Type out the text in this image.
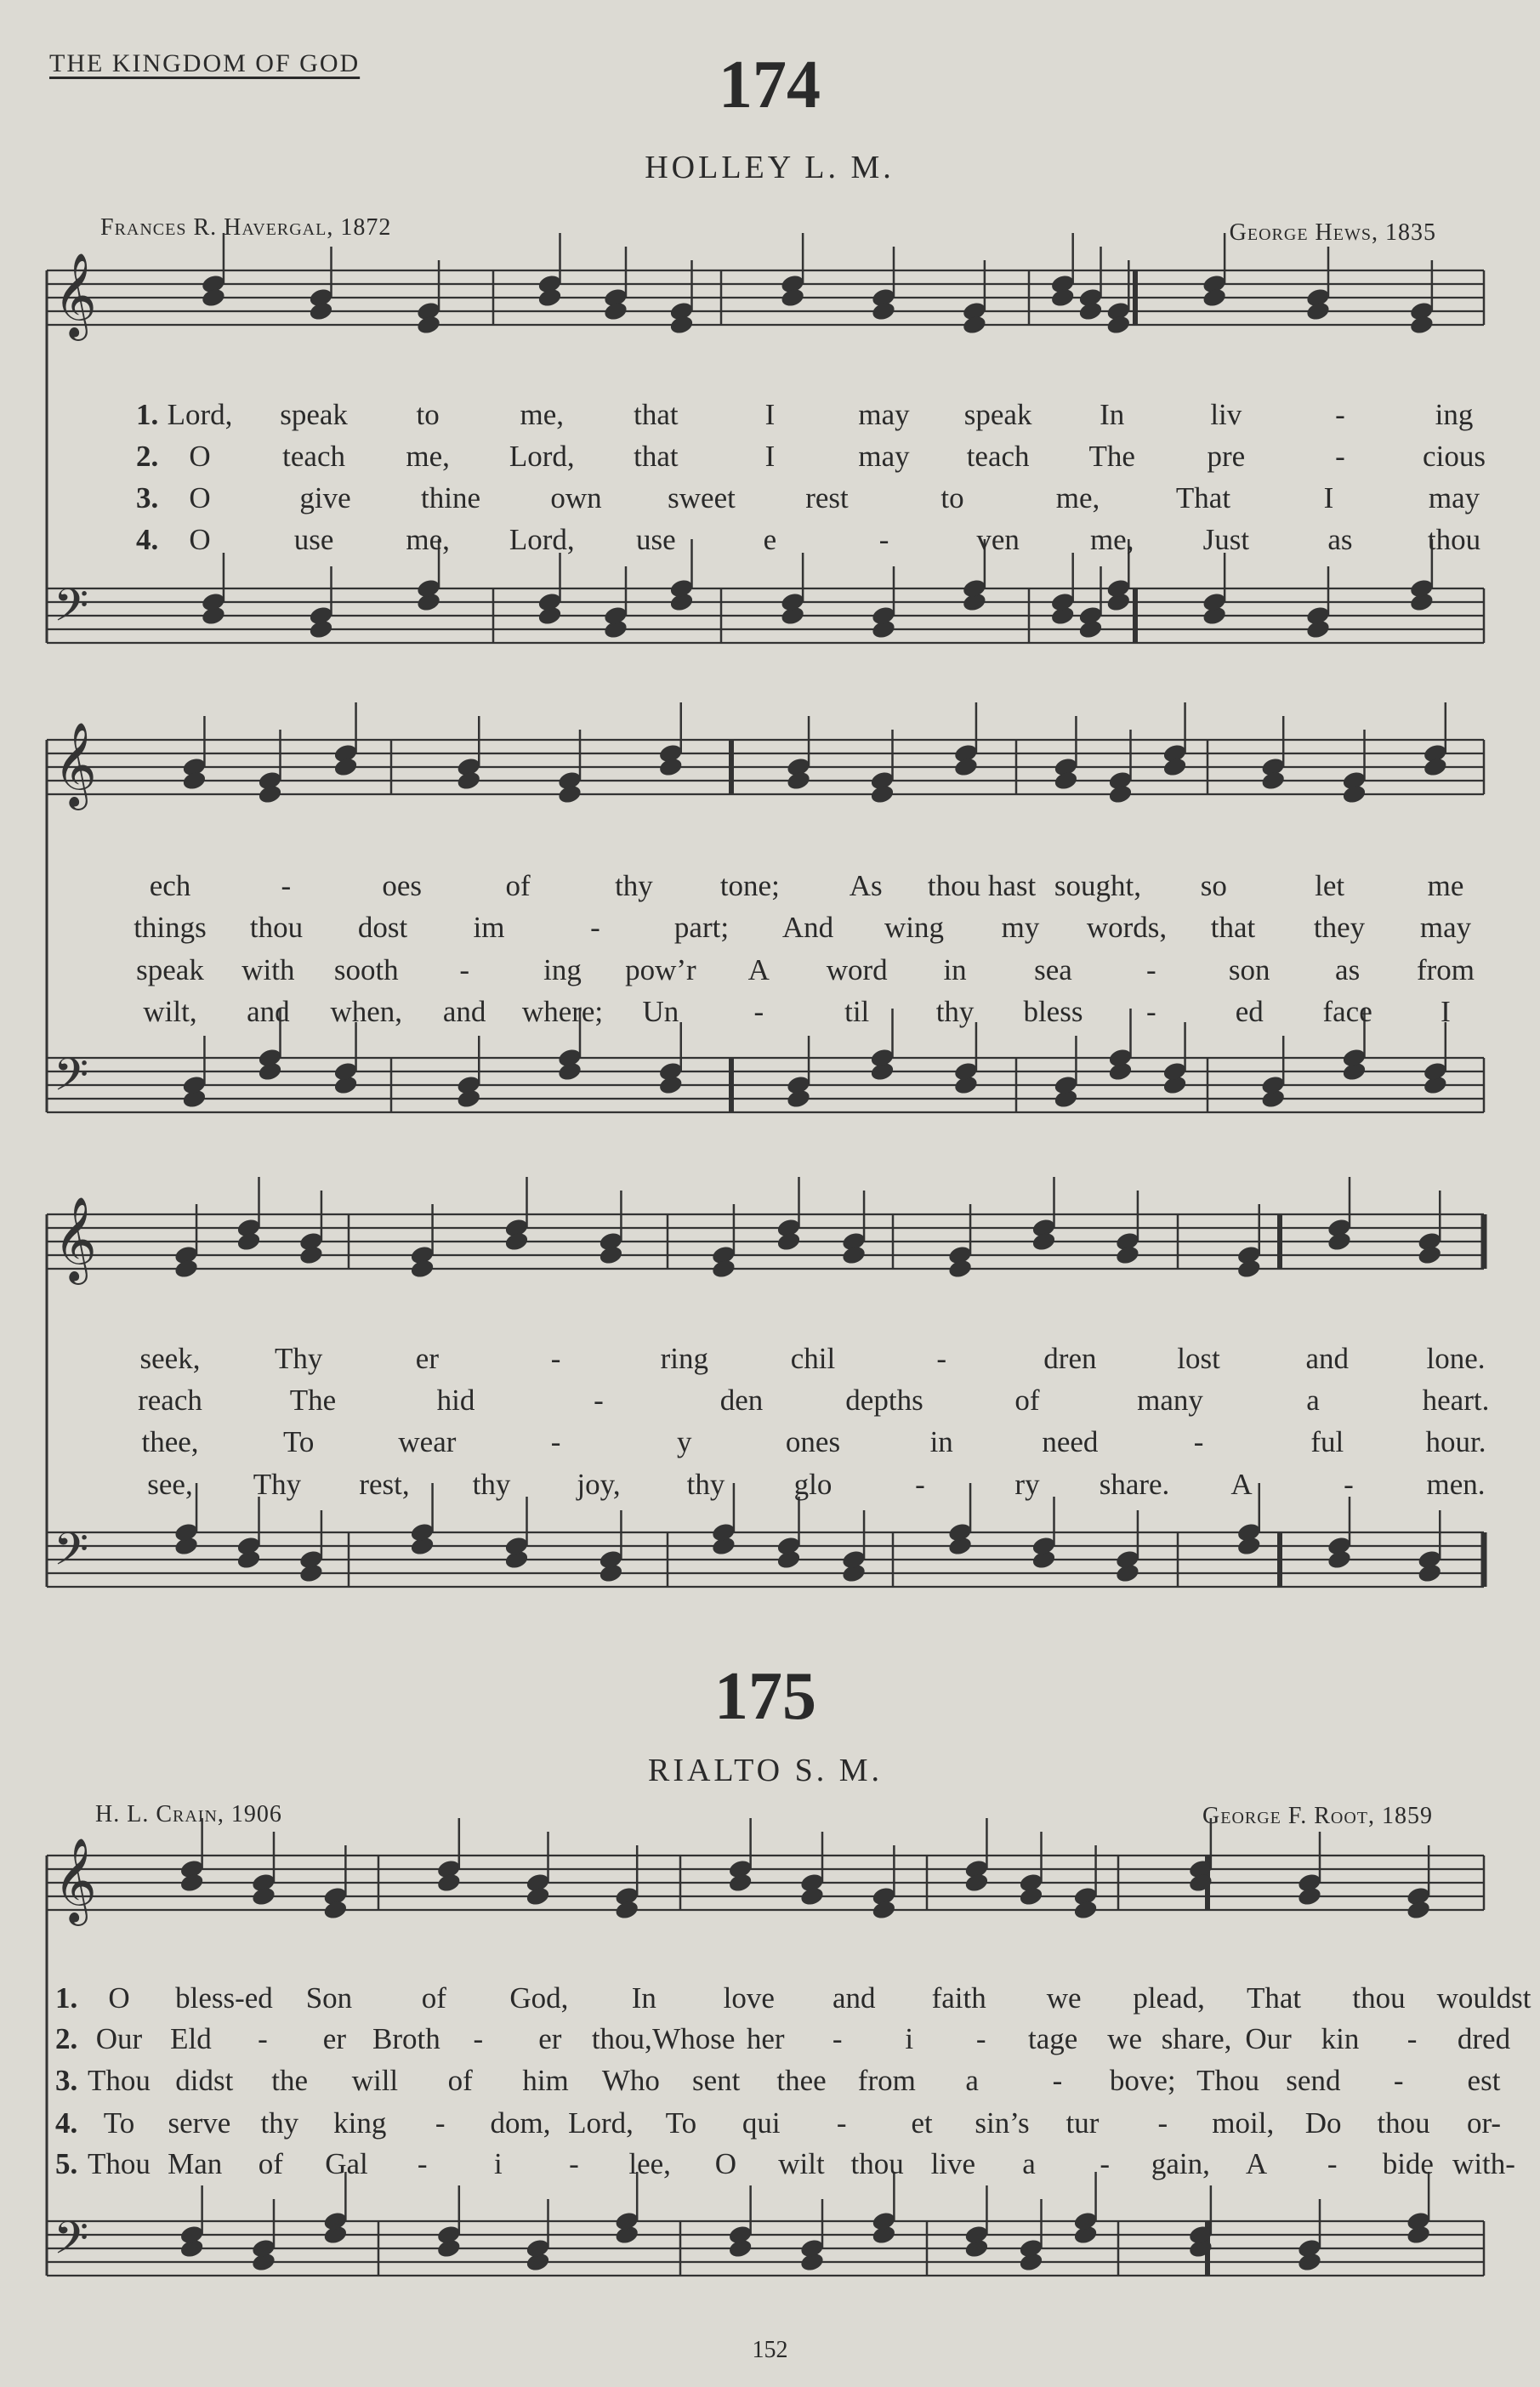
THE KINGDOM OF GOD	174
HOLLEY L. M.
Frances R. Havergal, 1872	George Hews, 1835
175
RIALTO S. M.
H. L. Crain, 1906	George F. Root, 1859
𝄞
𝄢
𝄞
𝄢
𝄞
𝄢
𝄞
𝄢
1. Lord, speak to	me, that	I	may speak In	liv	-	ing
2. O teach me, Lord, that	I	may teach The pre	-	cious
3. O	give thine own sweet rest	to	me,	That	I	may
4. O	use me, Lord, use	e	-	ven me, Just	as	thou
ech	-	oes	of	thy tone; As thou hast sought, so	let	me
things thou dost im	- part; And wing my words, that they may
speak with sooth - ing pow’r A word in sea - son as from
wilt, and when, and where; Un	-	til thy bless -	ed face I
seek,	Thy	er	-	ring	chil	-	dren	lost	and	lone.
reach	The	hid	-	den	depths	of	many	a	heart.
thee,	To	wear	-	y	ones	in	need	-	ful	hour.
see, Thy rest, thy joy, thy glo	-	ry share. A	- men.
1. O bless-ed Son of God, In love and faith we plead, That thou wouldst
2. Our Eld - er Broth - er thou, Whose her - i - tage we share, Our kin - dred
3. Thou didst the will of him Who sent thee from a - bove; Thou send - est
4. To serve thy king - dom, Lord, To qui - et sin’s tur - moil, Do thou or-
5. Thou Man of Gal - i - lee, O wilt thou live a - gain, A - bide with-
152
